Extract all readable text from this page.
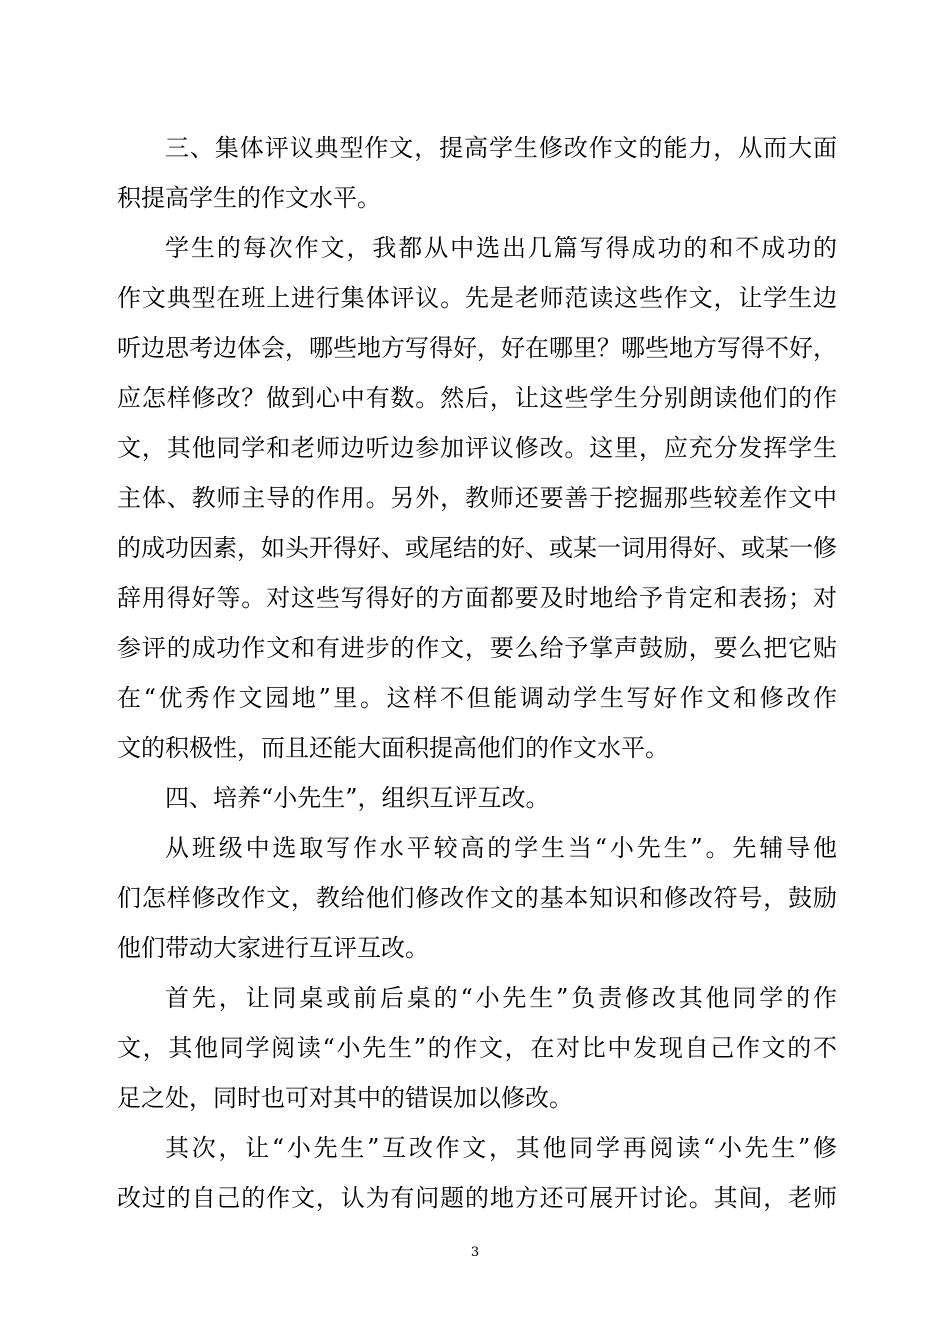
三、集体评议典型作文，提高学生修改作文的能力，从而大面
积提高学生的作文水平。
学生的每次作文，我都从中选出几篇写得成功的和不成功的
作文典型在班上进行集体评议。先是老师范读这些作文，让学生边
听边思考边体会，哪些地方写得好，好在哪里？哪些地方写得不好，
应怎样修改？做到心中有数。然后，让这些学生分别朗读他们的作
文，其他同学和老师边听边参加评议修改。这里，应充分发挥学生
主体、教师主导的作用。另外，教师还要善于挖掘那些较差作文中
的成功因素，如头开得好、或尾结的好、或某一词用得好、或某一修
辞用得好等。对这些写得好的方面都要及时地给予肯定和表扬；对
参评的成功作文和有进步的作文，要么给予掌声鼓励，要么把它贴
在“优秀作文园地”里。这样不但能调动学生写好作文和修改作
文的积极性，而且还能大面积提高他们的作文水平。
四、培养“小先生”，组织互评互改。
从班级中选取写作水平较高的学生当“小先生”。先辅导他
们怎样修改作文，教给他们修改作文的基本知识和修改符号，鼓励
他们带动大家进行互评互改。
首先，让同桌或前后桌的“小先生”负责修改其他同学的作
文，其他同学阅读“小先生”的作文，在对比中发现自己作文的不
足之处，同时也可对其中的错误加以修改。
其次，让“小先生”互改作文，其他同学再阅读“小先生”修
改过的自己的作文，认为有问题的地方还可展开讨论。其间，老师
3
